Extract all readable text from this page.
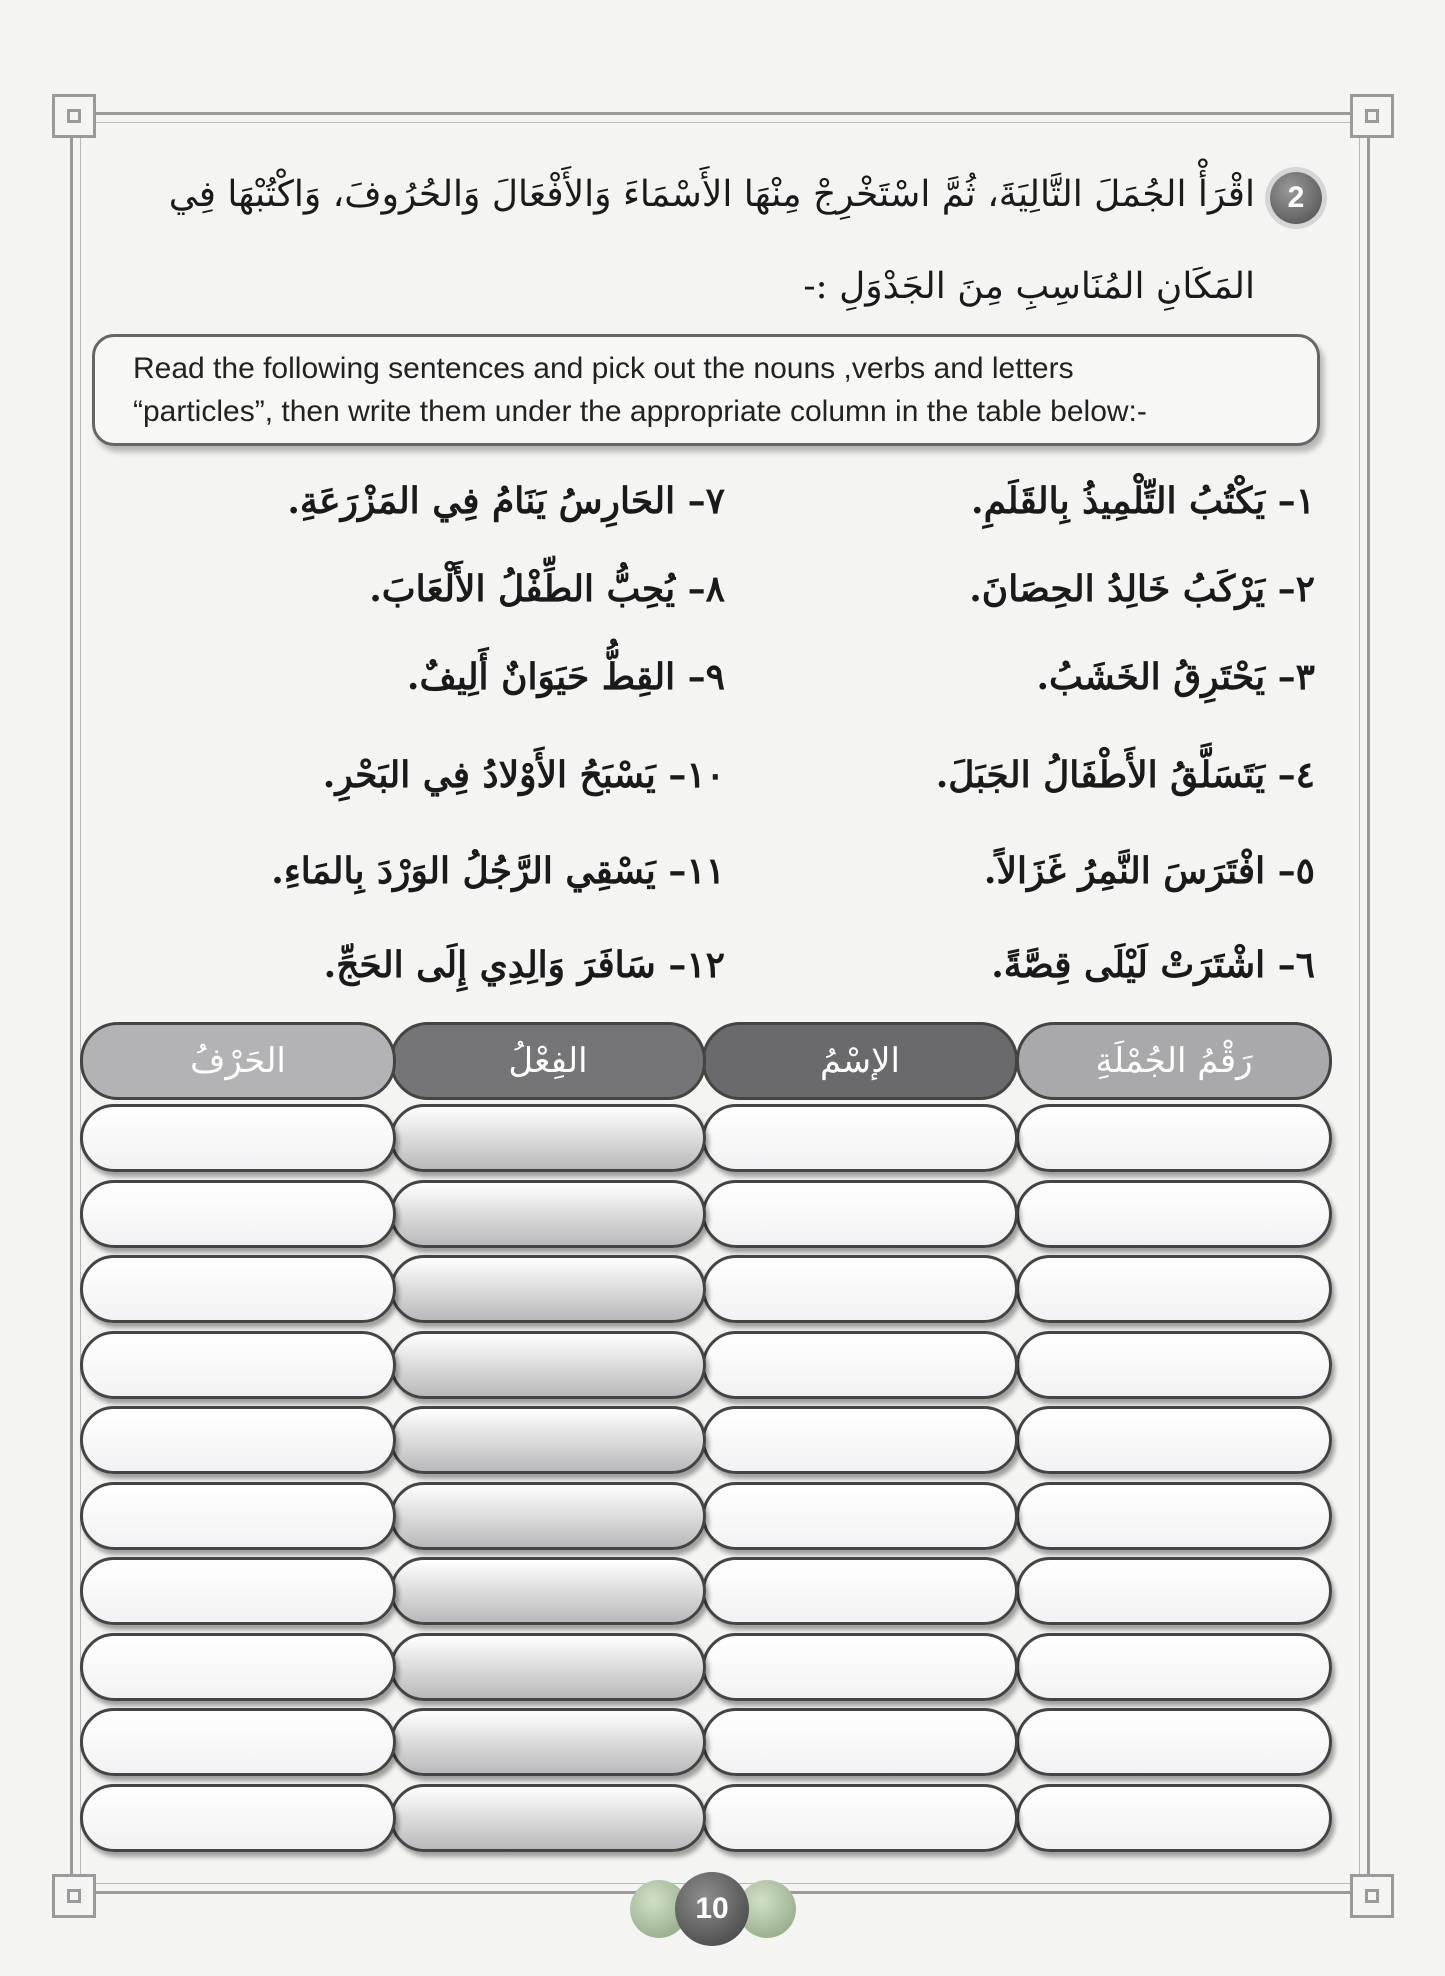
2
اقْرَأْ الجُمَلَ التَّالِيَةَ، ثُمَّ اسْتَخْرِجْ مِنْهَا الأَسْمَاءَ وَالأَفْعَالَ وَالحُرُوفَ، وَاكْتُبْهَا فِي
المَكَانِ المُنَاسِبِ مِنَ الجَدْوَلِ :-
Read the following sentences and pick out the nouns ,verbs and letters
“particles”, then write them under the appropriate column in the table below:-
١– يَكْتُبُ التِّلْمِيذُ بِالقَلَمِ.
٢– يَرْكَبُ خَالِدُ الحِصَانَ.
٣– يَحْتَرِقُ الخَشَبُ.
٤– يَتَسَلَّقُ الأَطْفَالُ الجَبَلَ.
٥– افْتَرَسَ النَّمِرُ غَزَالاً.
٦– اشْتَرَتْ لَيْلَى قِصَّةً.
٧– الحَارِسُ يَنَامُ فِي المَزْرَعَةِ.
٨– يُحِبُّ الطِّفْلُ الأَلْعَابَ.
٩– القِطُّ حَيَوَانٌ أَلِيفٌ.
١٠– يَسْبَحُ الأَوْلادُ فِي البَحْرِ.
١١– يَسْقِي الرَّجُلُ الوَرْدَ بِالمَاءِ.
١٢– سَافَرَ وَالِدِي إِلَى الحَجِّ.
رَقْمُ الجُمْلَةِ
الإسْمُ
الفِعْلُ
الحَرْفُ
10
